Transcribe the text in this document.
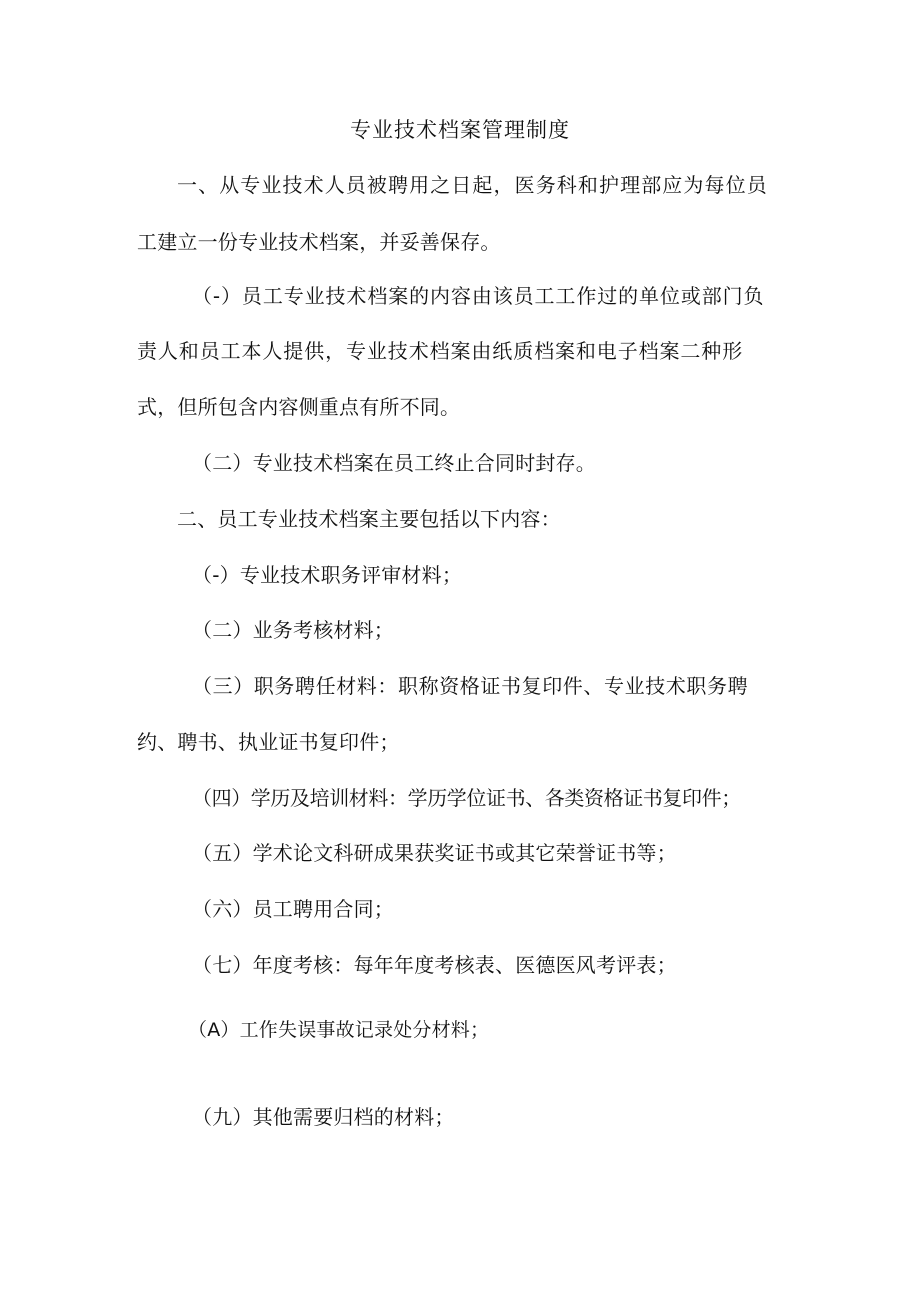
专业技术档案管理制度
一、从专业技术人员被聘用之日起，医务科和护理部应为每位员
工建立一份专业技术档案，并妥善保存。
（-）员工专业技术档案的内容由该员工工作过的单位或部门负
责人和员工本人提供，专业技术档案由纸质档案和电子档案二种形
式，但所包含内容侧重点有所不同。
（二）专业技术档案在员工终止合同时封存。
二、员工专业技术档案主要包括以下内容：
（-）专业技术职务评审材料；
（二）业务考核材料；
（三）职务聘任材料：职称资格证书复印件、专业技术职务聘
约、聘书、执业证书复印件；
（四）学历及培训材料：学历学位证书、各类资格证书复印件；
（五）学术论文科研成果获奖证书或其它荣誉证书等；
（六）员工聘用合同；
（七）年度考核：每年年度考核表、医德医风考评表；
（A）工作失误事故记录处分材料；
（九）其他需要归档的材料；
